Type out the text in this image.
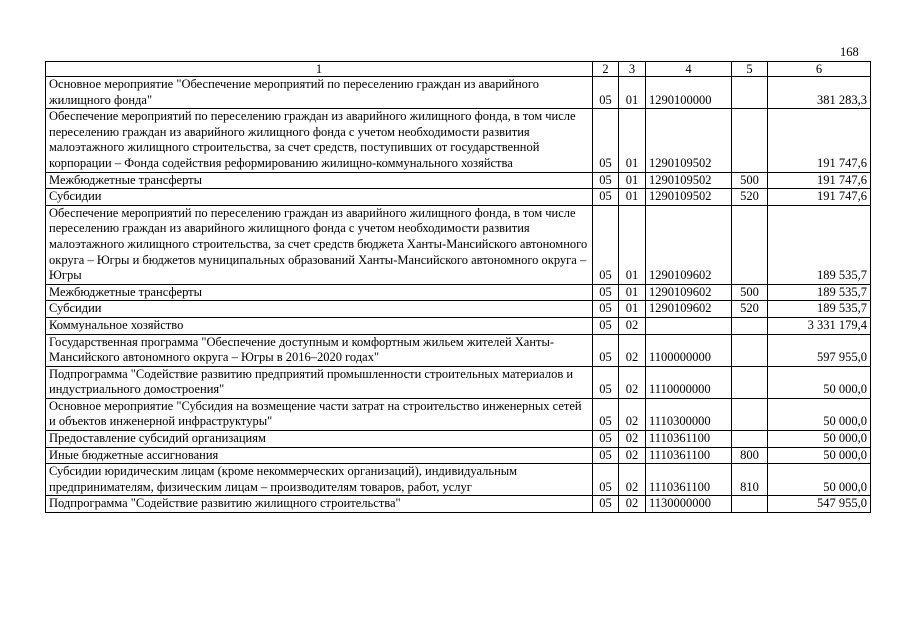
168
1	2	3	4	5	6
Основное мероприятие "Обеспечение мероприятий по переселению граждан из аварийного жилищного фонда"	05	01	1290100000		381 283,3
Обеспечение мероприятий по переселению граждан из аварийного жилищного фонда, в том числе переселению граждан из аварийного жилищного фонда с учетом необходимости развития малоэтажного жилищного строительства, за счет средств, поступивших от государственной корпорации – Фонда содействия реформированию жилищно-коммунального хозяйства	05	01	1290109502		191 747,6
Межбюджетные трансферты	05	01	1290109502	500	191 747,6
Субсидии	05	01	1290109502	520	191 747,6
Обеспечение мероприятий по переселению граждан из аварийного жилищного фонда, в том числе переселению граждан из аварийного жилищного фонда с учетом необходимости развития малоэтажного жилищного строительства, за счет средств бюджета Ханты-Мансийского автономного округа – Югры и бюджетов муниципальных образований Ханты-Мансийского автономного округа – Югры	05	01	1290109602		189 535,7
Межбюджетные трансферты	05	01	1290109602	500	189 535,7
Субсидии	05	01	1290109602	520	189 535,7
Коммунальное хозяйство	05	02			3 331 179,4
Государственная программа "Обеспечение доступным и комфортным жильем жителей Ханты-Мансийского автономного округа – Югры в 2016–2020 годах"	05	02	1100000000		597 955,0
Подпрограмма "Содействие развитию предприятий промышленности строительных материалов и индустриального домостроения"	05	02	1110000000		50 000,0
Основное мероприятие "Субсидия на возмещение части затрат на строительство инженерных сетей и объектов инженерной инфраструктуры"	05	02	1110300000		50 000,0
Предоставление субсидий организациям	05	02	1110361100		50 000,0
Иные бюджетные ассигнования	05	02	1110361100	800	50 000,0
Субсидии юридическим лицам (кроме некоммерческих организаций), индивидуальным предпринимателям, физическим лицам – производителям товаров, работ, услуг	05	02	1110361100	810	50 000,0
Подпрограмма "Содействие развитию жилищного строительства"	05	02	1130000000		547 955,0
